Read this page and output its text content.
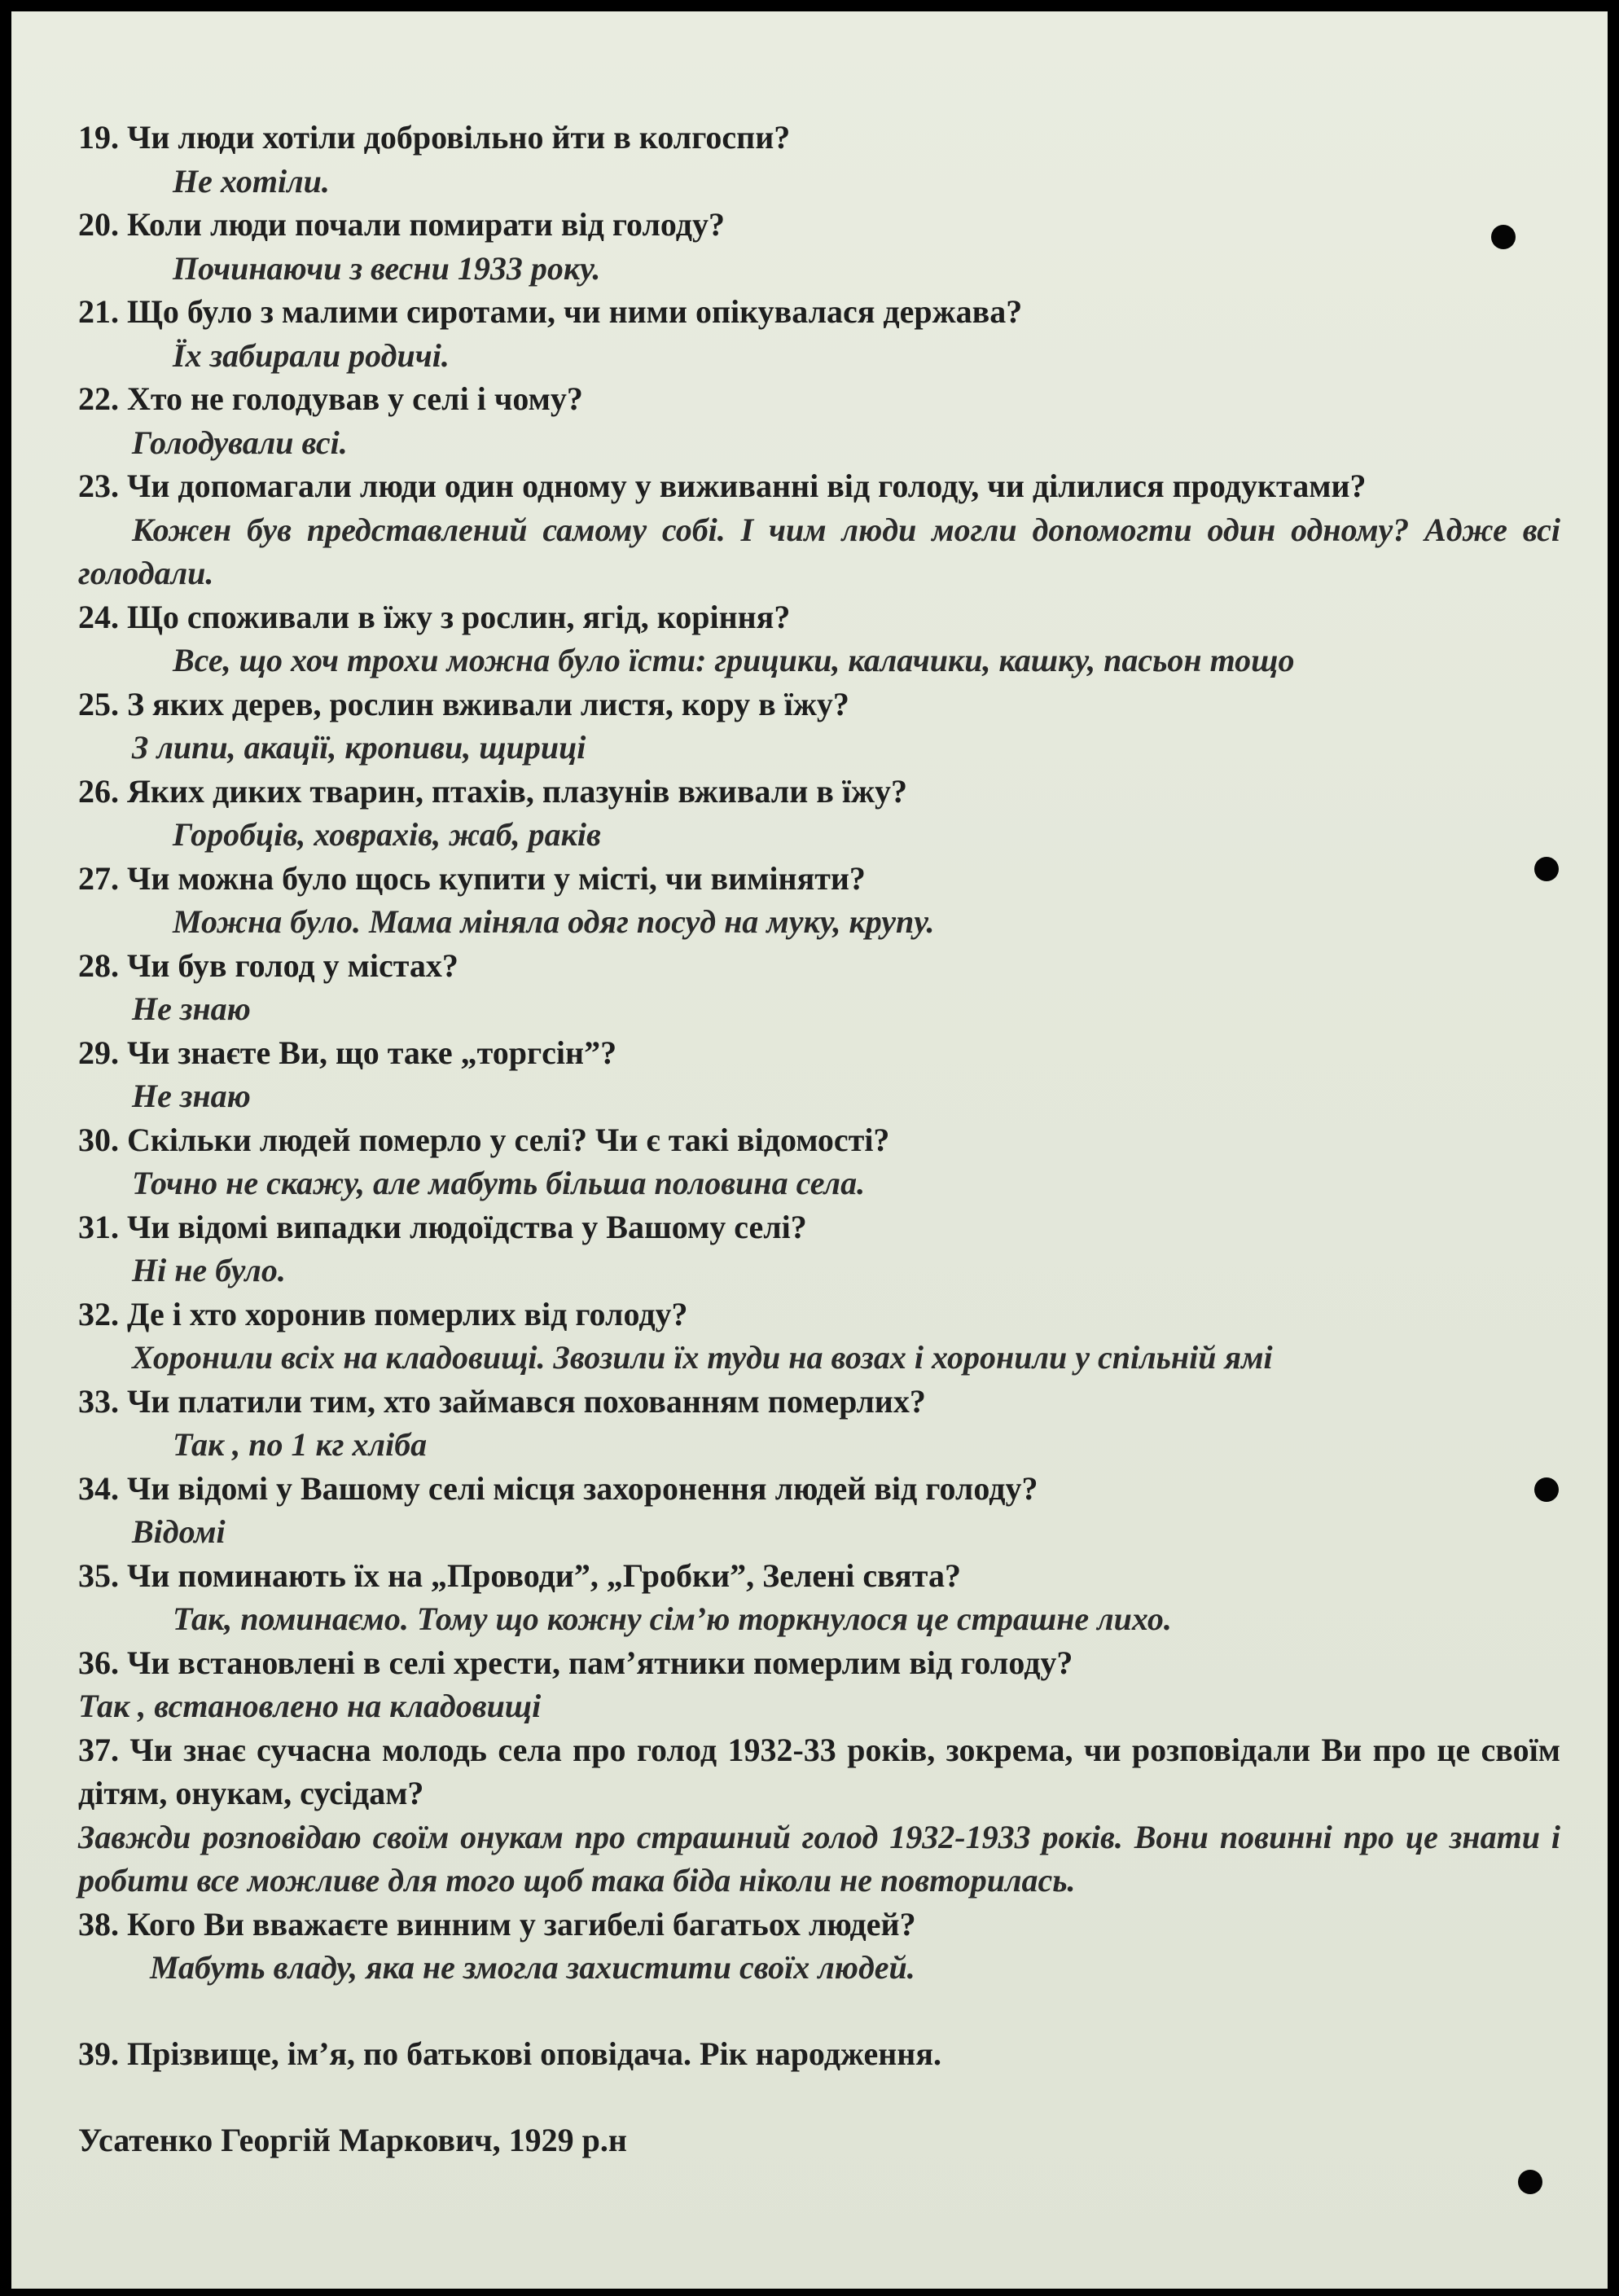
19. Чи люди хотіли добровільно йти в колгоспи?

Не хотіли.

20. Коли люди почали помирати від голоду?

Починаючи з весни 1933 року.

21. Що було з малими сиротами, чи ними опікувалася держава?

Їх забирали родичі.

22. Хто не голодував у селі і чому?

Голодували всі.

23. Чи допомагали люди один одному у виживанні від голоду, чи ділилися продуктами?

Кожен був представлений самому собі. І чим люди могли допомогти один одному? Адже всі голодали.

24. Що споживали в їжу з рослин, ягід, коріння?

Все, що хоч трохи можна було їсти: грицики, калачики, кашку, пасьон тощо

25. З яких дерев, рослин вживали листя, кору в їжу?

З липи, акації, кропиви, щириці

26. Яких диких тварин, птахів, плазунів вживали в їжу?

Горобців, ховрахів, жаб, раків

27. Чи можна було щось купити у місті, чи виміняти?

Можна було. Мама міняла одяг посуд на муку, крупу.

28. Чи був голод у містах?

Не знаю

29. Чи знаєте Ви, що таке „торгсін”?

Не знаю

30. Скільки людей померло у селі? Чи є такі відомості?

Точно не скажу, але мабуть більша половина села.

31. Чи відомі випадки людоїдства у Вашому селі?

Ні не було.

32. Де і хто хоронив померлих від голоду?

Хоронили всіх на кладовищі. Звозили їх туди на возах і хоронили у спільній ямі

33. Чи платили тим, хто займався похованням померлих?

Так , по 1 кг хліба

34. Чи відомі у Вашому селі місця захоронення людей від голоду?

Відомі

35. Чи поминають їх на „Проводи”, „Гробки”, Зелені свята?

Так, поминаємо. Тому що кожну сім’ю торкнулося це страшне лихо.

36. Чи встановлені в селі хрести, пам’ятники померлим від голоду?

Так , встановлено на кладовищі

37. Чи знає сучасна молодь села про голод 1932-33 років, зокрема, чи розповідали Ви про це своїм дітям, онукам, сусідам?

Завжди розповідаю своїм онукам про страшний голод 1932-1933 років. Вони повинні про це знати і робити все можливе для того щоб така біда ніколи не повторилась.

38. Кого Ви вважаєте винним у загибелі багатьох людей?

Мабуть владу, яка не змогла захистити своїх людей.

39. Прізвище, ім’я, по батькові оповідача. Рік народження.

Усатенко Георгій Маркович, 1929 р.н
